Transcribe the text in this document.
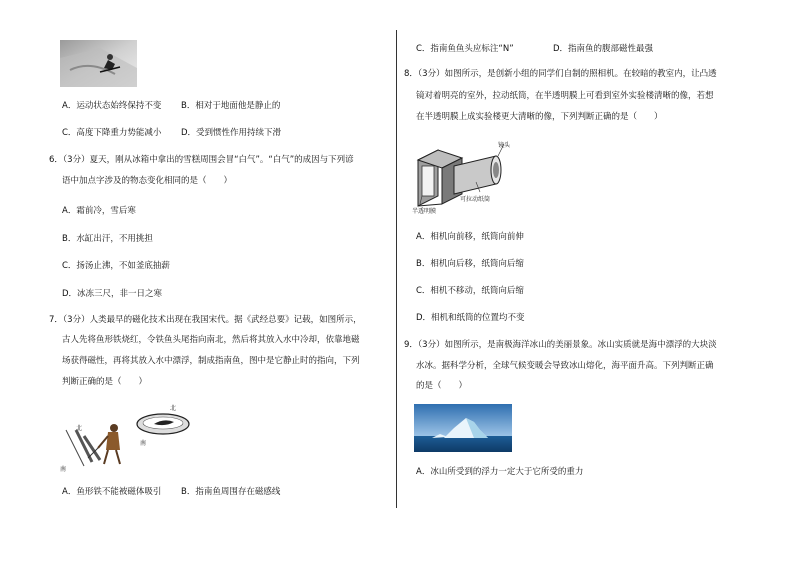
A．运动状态始终保持不变 B．相对于地面他是静止的
C．高度下降重力势能减小 D．受到惯性作用持续下滑
6．（3分）夏天，刚从冰箱中拿出的雪糕周围会冒“白气”。“白气”的成因与下列谚
语中加点字涉及的物态变化相同的是（　　）
A．霜前冷，雪后寒
B．水缸出汗，不用挑担
C．扬汤止沸，不如釜底抽薪
D．冰冻三尺，非一日之寒
7．（3分）人类最早的磁化技术出现在我国宋代。据《武经总要》记载，如图所示，
古人先将鱼形铁烧红，令铁鱼头尾指向南北，然后将其放入水中冷却，依靠地磁
场获得磁性，再将其放入水中漂浮，制成指南鱼，图中是它静止时的指向，下列
判断正确的是（　　）
北
南
北
南
A．鱼形铁不能被磁体吸引 B．指南鱼周围存在磁感线
C．指南鱼鱼头应标注“N”	D．指南鱼的腹部磁性最强
8．（3分）如图所示，是创新小组的同学们自制的照相机。在较暗的教室内，让凸透
镜对着明亮的室外，拉动纸筒，在半透明膜上可看到室外实验楼清晰的像，若想
在半透明膜上成实验楼更大清晰的像，下列判断正确的是（　　）
镜头
可拉动纸筒
半透明膜
A．相机向前移，纸筒向前伸
B．相机向后移，纸筒向后缩
C．相机不移动，纸筒向后缩
D．相机和纸筒的位置均不变
9．（3分）如图所示，是南极海洋冰山的美丽景象。冰山实质就是海中漂浮的大块淡
水冰。据科学分析，全球气候变暖会导致冰山熔化，海平面升高。下列判断正确
的是（　　）
A．冰山所受到的浮力一定大于它所受的重力
